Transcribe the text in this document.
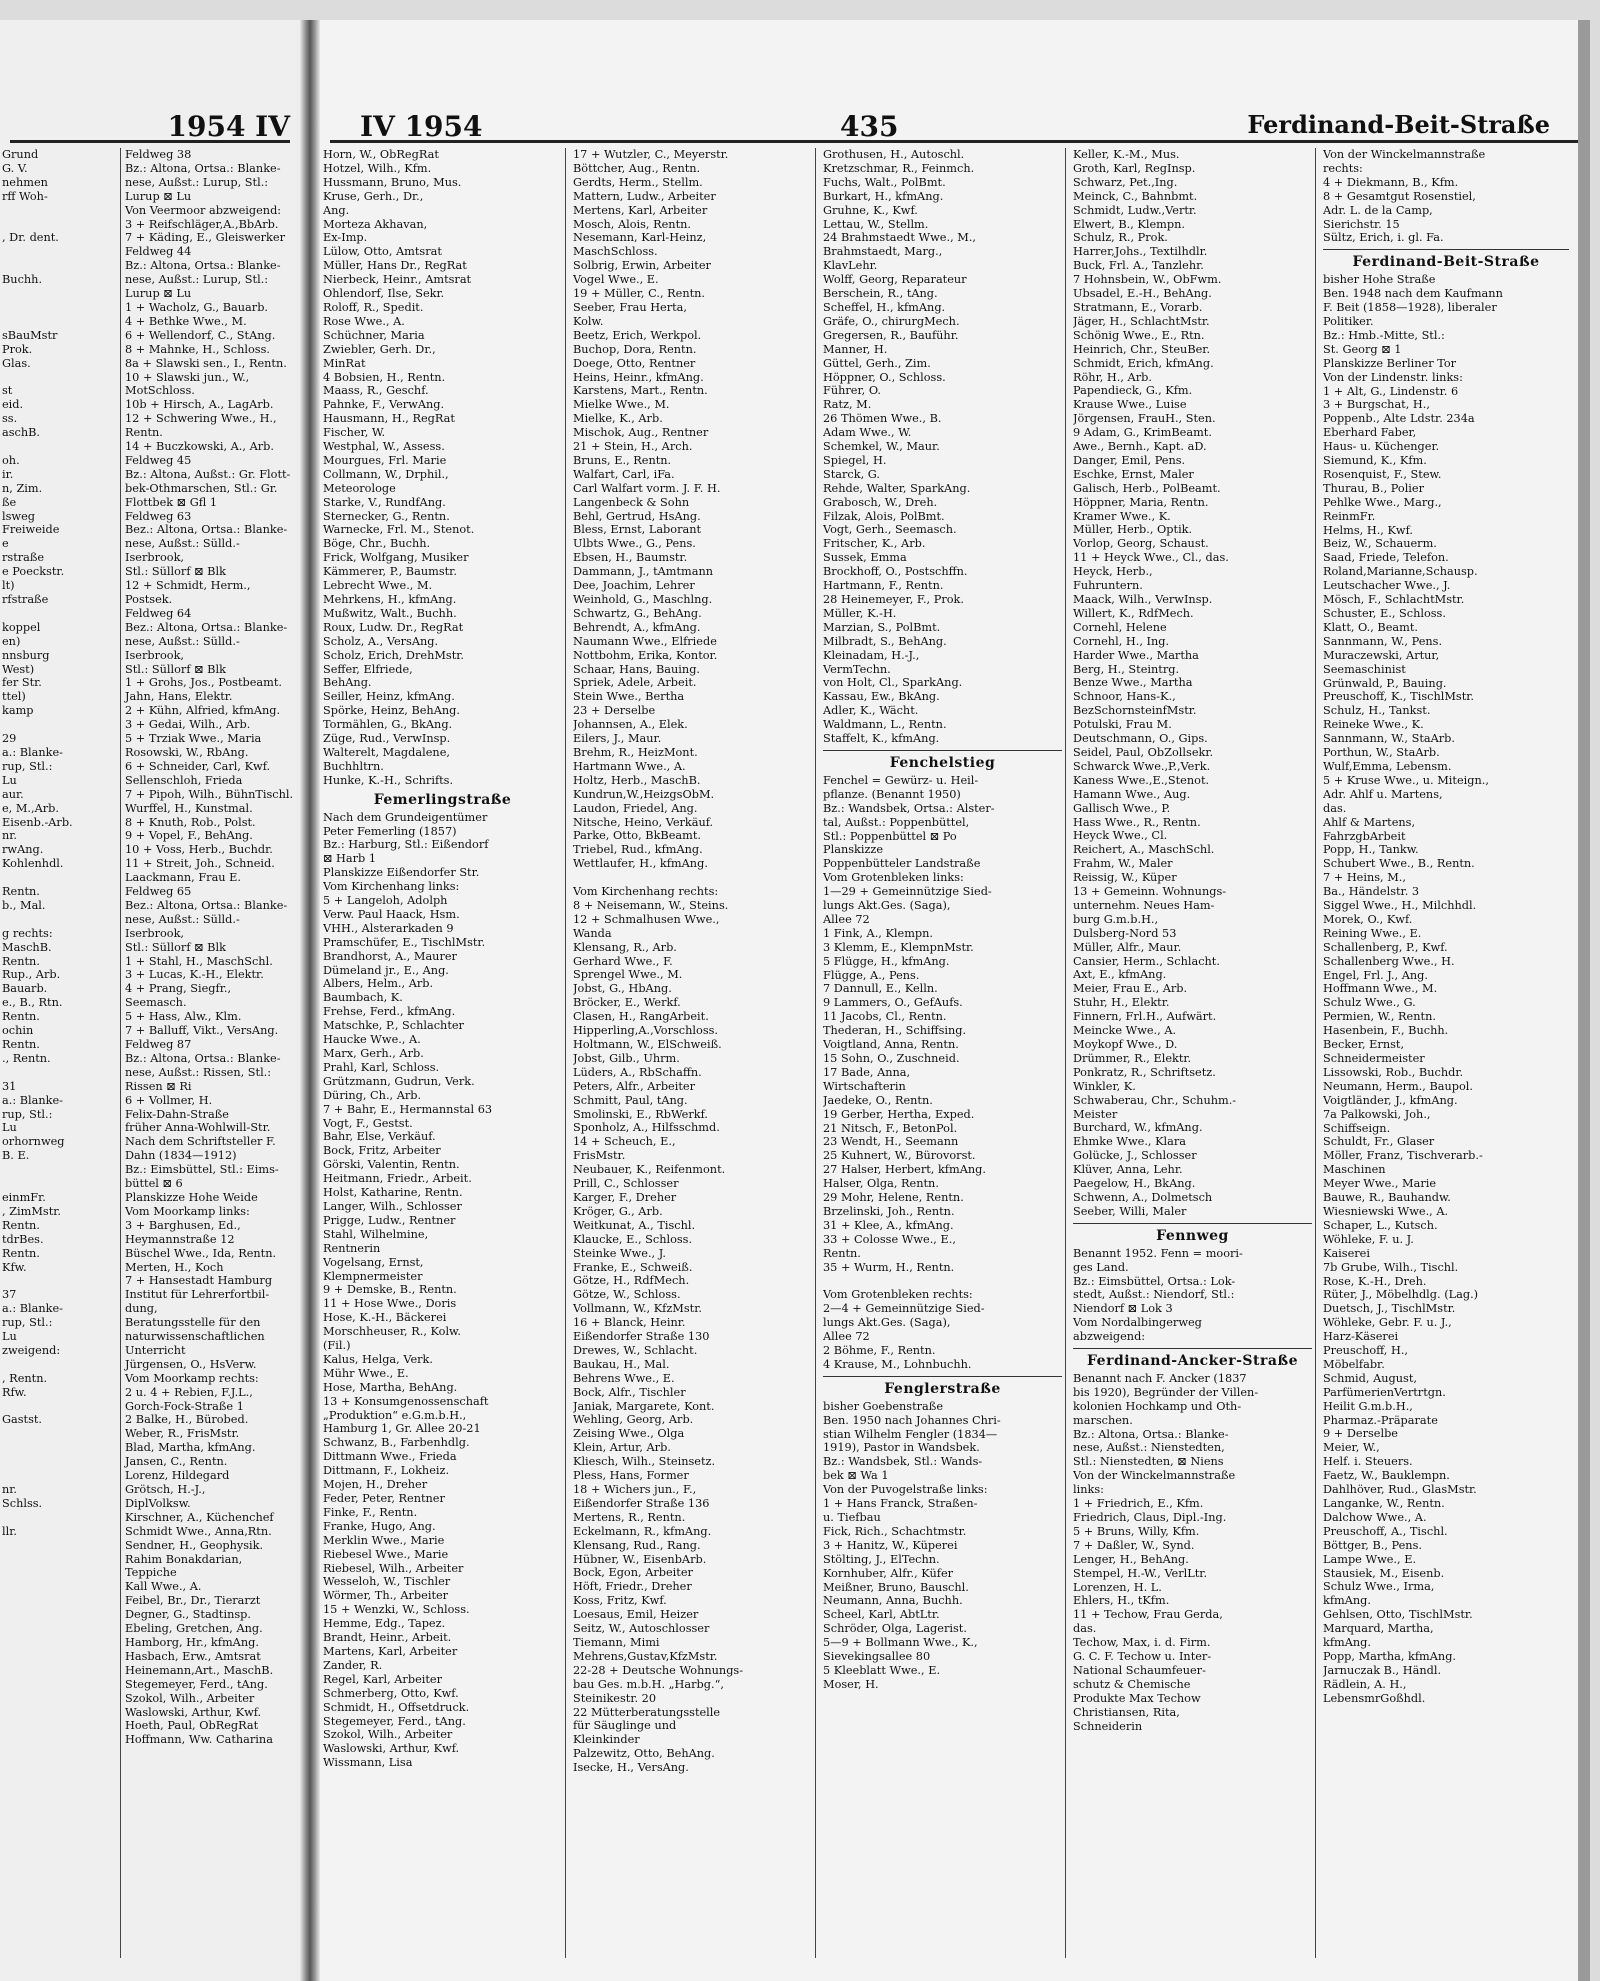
1954 IV
Grund
G. V.
nehmen
rff Woh-

, Dr. dent.

Buchh.

sBauMstr
Prok.
Glas.

st
eid.
ss.
aschB.

oh.
ir.
n, Zim.
ße
lsweg
Freiweide
e
rstraße
e Poeckstr.
lt)
rfstraße

koppel
en)
nnsburg
West)
fer Str.
ttel)
kamp

29
a.: Blanke-
rup, Stl.:
Lu
aur.
e, M.,Arb.
Eisenb.-Arb.
nr.
rwAng.
Kohlenhdl.

Rentn.
b., Mal.

g rechts:
MaschB.
Rentn.
Rup., Arb.
Bauarb.
e., B., Rtn.
Rentn.
ochin
Rentn.
., Rentn.

31
a.: Blanke-
rup, Stl.:
Lu
orhornweg
B. E.

einmFr.
, ZimMstr.
Rentn.
tdrBes.
Rentn.
Kfw.

37
a.: Blanke-
rup, Stl.:
Lu
zweigend:

, Rentn.
Rfw.

Gastst.

nr.
Schlss.

llr.
Feldweg 38
Bz.: Altona, Ortsa.: Blanke-
nese, Außst.: Lurup, Stl.:
Lurup ⊠ Lu
Von Veermoor abzweigend:
3 + Reifschläger,A.,BbArb.
7 + Käding, E., Gleiswerker
Feldweg 44
Bz.: Altona, Ortsa.: Blanke-
nese, Außst.: Lurup, Stl.:
Lurup ⊠ Lu
1 + Wacholz, G., Bauarb.
4 + Bethke Wwe., M.
6 + Wellendorf, C., StAng.
8 + Mahnke, H., Schloss.
8a + Slawski sen., I., Rentn.
10 + Slawski jun., W.,
MotSchloss.
10b + Hirsch, A., LagArb.
12 + Schwering Wwe., H.,
Rentn.
14 + Buczkowski, A., Arb.
Feldweg 45
Bz.: Altona, Außst.: Gr. Flott-
bek-Othmarschen, Stl.: Gr.
Flottbek ⊠ Gfl 1
Feldweg 63
Bez.: Altona, Ortsa.: Blanke-
nese, Außst.: Sülld.-Iserbrook,
Stl.: Süllorf ⊠ Blk
12 + Schmidt, Herm., Postsek.
Feldweg 64
Bez.: Altona, Ortsa.: Blanke-
nese, Außst.: Sülld.-Iserbrook,
Stl.: Süllorf ⊠ Blk
1 + Grohs, Jos., Postbeamt.
Jahn, Hans, Elektr.
2 + Kühn, Alfried, kfmAng.
3 + Gedai, Wilh., Arb.
5 + Trziak Wwe., Maria
Rosowski, W., RbAng.
6 + Schneider, Carl, Kwf.
Sellenschloh, Frieda
7 + Pipoh, Wilh., BühnTischl.
Wurffel, H., Kunstmal.
8 + Knuth, Rob., Polst.
9 + Vopel, F., BehAng.
10 + Voss, Herb., Buchdr.
11 + Streit, Joh., Schneid.
Laackmann, Frau E.
Feldweg 65
Bez.: Altona, Ortsa.: Blanke-
nese, Außst.: Sülld.-Iserbrook,
Stl.: Süllorf ⊠ Blk
1 + Stahl, H., MaschSchl.
3 + Lucas, K.-H., Elektr.
4 + Prang, Siegfr., Seemasch.
5 + Hass, Alw., Klm.
7 + Balluff, Vikt., VersAng.
Feldweg 87
Bz.: Altona, Ortsa.: Blanke-
nese, Außst.: Rissen, Stl.:
Rissen ⊠ Ri
6 + Vollmer, H.
Felix-Dahn-Straße
früher Anna-Wohlwill-Str.
Nach dem Schriftsteller F.
Dahn (1834—1912)
Bz.: Eimsbüttel, Stl.: Eims-
büttel ⊠ 6
Planskizze Hohe Weide
Vom Moorkamp links:
3 + Barghusen, Ed.,
Heymannstraße 12
Büschel Wwe., Ida, Rentn.
Merten, H., Koch
7 + Hansestadt Hamburg
Institut für Lehrerfortbil-
dung,
Beratungsstelle für den
naturwissenschaftlichen
Unterricht
Jürgensen, O., HsVerw.
Vom Moorkamp rechts:
2 u. 4 + Rebien, F.J.L.,
Gorch-Fock-Straße 1
2 Balke, H., Bürobed.
Weber, R., FrisMstr.
Blad, Martha, kfmAng.
Jansen, C., Rentn.
Lorenz, Hildegard
Grötsch, H.-J.,
DiplVolksw.
Kirschner, A., Küchenchef
Schmidt Wwe., Anna,Rtn.
Sendner, H., Geophysik.
Rahim Bonakdarian,
Teppiche
Kall Wwe., A.
Feibel, Br., Dr., Tierarzt
Degner, G., Stadtinsp.
Ebeling, Gretchen, Ang.
Hamborg, Hr., kfmAng.
Hasbach, Erw., Amtsrat
Heinemann,Art., MaschB.
Stegemeyer, Ferd., tAng.
Szokol, Wilh., Arbeiter
Waslowski, Arthur, Kwf.
Hoeth, Paul, ObRegRat
Hoffmann, Ww. Catharina
IV 1954	435	Ferdinand-Beit-Straße
Horn, W., ObRegRat
Hotzel, Wilh., Kfm.
Hussmann, Bruno, Mus.
Kruse, Gerh., Dr.,
Ang.
Morteza Akhavan,
Ex-Imp.
Lülow, Otto, Amtsrat
Müller, Hans Dr., RegRat
Nierbeck, Heinr., Amtsrat
Ohlendorf, Ilse, Sekr.
Roloff, R., Spedit.
Rose Wwe., A.
Schüchner, Maria
Zwiebler, Gerh. Dr.,
MinRat
4 Bobsien, H., Rentn.
Maass, R., Geschf.
Pahnke, F., VerwAng.
Hausmann, H., RegRat
Fischer, W.
Westphal, W., Assess.
Mourgues, Frl. Marie
Collmann, W., Drphil.,
Meteorologe
Starke, V., RundfAng.
Sternecker, G., Rentn.
Warnecke, Frl. M., Stenot.
Böge, Chr., Buchh.
Frick, Wolfgang, Musiker
Kämmerer, P., Baumstr.
Lebrecht Wwe., M.
Mehrkens, H., kfmAng.
Mußwitz, Walt., Buchh.
Roux, Ludw. Dr., RegRat
Scholz, A., VersAng.
Scholz, Erich, DrehMstr.
Seffer, Elfriede,
BehAng.
Seiller, Heinz, kfmAng.
Spörke, Heinz, BehAng.
Tormählen, G., BkAng.
Züge, Rud., VerwInsp.
Walterelt, Magdalene,
Buchhltrn.
Hunke, K.-H., Schrifts.
Femerlingstraße
Nach dem Grundeigentümer
Peter Femerling (1857)
Bz.: Harburg, Stl.: Eißendorf
⊠ Harb 1
Planskizze Eißendorfer Str.
Vom Kirchenhang links:
5 + Langeloh, Adolph
Verw. Paul Haack, Hsm.
VHH., Alsterarkaden 9
Pramschüfer, E., TischlMstr.
Brandhorst, A., Maurer
Dümeland jr., E., Ang.
Albers, Helm., Arb.
Baumbach, K.
Frehse, Ferd., kfmAng.
Matschke, P., Schlachter
Haucke Wwe., A.
Marx, Gerh., Arb.
Prahl, Karl, Schloss.
Grützmann, Gudrun, Verk.
Düring, Ch., Arb.
7 + Bahr, E., Hermannstal 63
Vogt, F., Gestst.
Bahr, Else, Verkäuf.
Bock, Fritz, Arbeiter
Görski, Valentin, Rentn.
Heitmann, Friedr., Arbeit.
Holst, Katharine, Rentn.
Langer, Wilh., Schlosser
Prigge, Ludw., Rentner
Stahl, Wilhelmine,
Rentnerin
Vogelsang, Ernst,
Klempnermeister
9 + Demske, B., Rentn.
11 + Hose Wwe., Doris
Hose, K.-H., Bäckerei
Morschheuser, R., Kolw.
(Fil.)
Kalus, Helga, Verk.
Mühr Wwe., E.
Hose, Martha, BehAng.
13 + Konsumgenossenschaft
„Produktion“ e.G.m.b.H.,
Hamburg 1, Gr. Allee 20-21
Schwanz, B., Farbenhdlg.
Dittmann Wwe., Frieda
Dittmann, F., Lokheiz.
Mojen, H., Dreher
Feder, Peter, Rentner
Finke, F., Rentn.
Franke, Hugo, Ang.
Merklin Wwe., Marie
Riebesel Wwe., Marie
Riebesel, Wilh., Arbeiter
Wesseloh, W., Tischler
Wörmer, Th., Arbeiter
15 + Wenzki, W., Schloss.
Hemme, Edg., Tapez.
Brandt, Heinr., Arbeit.
Martens, Karl, Arbeiter
Zander, R.
Regel, Karl, Arbeiter
Schmerberg, Otto, Kwf.
Schmidt, H., Offsetdruck.
Stegemeyer, Ferd., tAng.
Szokol, Wilh., Arbeiter
Waslowski, Arthur, Kwf.
Wissmann, Lisa
17 + Wutzler, C., Meyerstr.
Böttcher, Aug., Rentn.
Gerdts, Herm., Stellm.
Mattern, Ludw., Arbeiter
Mertens, Karl, Arbeiter
Mosch, Alois, Rentn.
Nesemann, Karl-Heinz,
MaschSchloss.
Solbrig, Erwin, Arbeiter
Vogel Wwe., E.
19 + Müller, C., Rentn.
Seeber, Frau Herta,
Kolw.
Beetz, Erich, Werkpol.
Buchop, Dora, Rentn.
Doege, Otto, Rentner
Heins, Heinr., kfmAng.
Karstens, Mart., Rentn.
Mielke Wwe., M.
Mielke, K., Arb.
Mischok, Aug., Rentner
21 + Stein, H., Arch.
Bruns, E., Rentn.
Walfart, Carl, iFa.
Carl Walfart vorm. J. F. H.
Langenbeck & Sohn
Behl, Gertrud, HsAng.
Bless, Ernst, Laborant
Ulbts Wwe., G., Pens.
Ebsen, H., Baumstr.
Dammann, J., tAmtmann
Dee, Joachim, Lehrer
Weinhold, G., Maschlng.
Schwartz, G., BehAng.
Behrendt, A., kfmAng.
Naumann Wwe., Elfriede
Nottbohm, Erika, Kontor.
Schaar, Hans, Bauing.
Spriek, Adele, Arbeit.
Stein Wwe., Bertha
23 + Derselbe
Johannsen, A., Elek.
Eilers, J., Maur.
Brehm, R., HeizMont.
Hartmann Wwe., A.
Holtz, Herb., MaschB.
Kundrun,W.,HeizgsObM.
Laudon, Friedel, Ang.
Nitsche, Heino, Verkäuf.
Parke, Otto, BkBeamt.
Triebel, Rud., kfmAng.
Wettlaufer, H., kfmAng.

Vom Kirchenhang rechts:
8 + Neisemann, W., Steins.
12 + Schmalhusen Wwe.,
Wanda
Klensang, R., Arb.
Gerhard Wwe., F.
Sprengel Wwe., M.
Jobst, G., HbAng.
Bröcker, E., Werkf.
Clasen, H., RangArbeit.
Hipperling,A.,Vorschloss.
Holtmann, W., ElSchweiß.
Jobst, Gilb., Uhrm.
Lüders, A., RbSchaffn.
Peters, Alfr., Arbeiter
Schmitt, Paul, tAng.
Smolinski, E., RbWerkf.
Sponholz, A., Hilfsschmd.
14 + Scheuch, E.,
FrisMstr.
Neubauer, K., Reifenmont.
Prill, C., Schlosser
Karger, F., Dreher
Kröger, G., Arb.
Weitkunat, A., Tischl.
Klaucke, E., Schloss.
Steinke Wwe., J.
Franke, E., Schweiß.
Götze, H., RdfMech.
Götze, W., Schloss.
Vollmann, W., KfzMstr.
16 + Blanck, Heinr.
Eißendorfer Straße 130
Drewes, W., Schlacht.
Baukau, H., Mal.
Behrens Wwe., E.
Bock, Alfr., Tischler
Janiak, Margarete, Kont.
Wehling, Georg, Arb.
Zeising Wwe., Olga
Klein, Artur, Arb.
Kliesch, Wilh., Steinsetz.
Pless, Hans, Former
18 + Wichers jun., F.,
Eißendorfer Straße 136
Mertens, R., Rentn.
Eckelmann, R., kfmAng.
Klensang, Rud., Rang.
Hübner, W., EisenbArb.
Bock, Egon, Arbeiter
Höft, Friedr., Dreher
Koss, Fritz, Kwf.
Loesaus, Emil, Heizer
Seitz, W., Autoschlosser
Tiemann, Mimi
Mehrens,Gustav,KfzMstr.
22-28 + Deutsche Wohnungs-
bau Ges. m.b.H. „Harbg.“,
Steinikestr. 20
22 Mütterberatungsstelle
für Säuglinge und
Kleinkinder
Palzewitz, Otto, BehAng.
Isecke, H., VersAng.
Grothusen, H., Autoschl.
Kretzschmar, R., Feinmch.
Fuchs, Walt., PolBmt.
Burkart, H., kfmAng.
Gruhne, K., Kwf.
Lettau, W., Stellm.
24 Brahmstaedt Wwe., M.,
Brahmstaedt, Marg.,
KlavLehr.
Wolff, Georg, Reparateur
Berschein, R., tAng.
Scheffel, H., kfmAng.
Gräfe, O., chirurgMech.
Gregersen, R., Bauführ.
Manner, H.
Güttel, Gerh., Zim.
Höppner, O., Schloss.
Führer, O.
Ratz, M.
26 Thömen Wwe., B.
Adam Wwe., W.
Schemkel, W., Maur.
Spiegel, H.
Starck, G.
Rehde, Walter, SparkAng.
Grabosch, W., Dreh.
Filzak, Alois, PolBmt.
Vogt, Gerh., Seemasch.
Fritscher, K., Arb.
Sussek, Emma
Brockhoff, O., Postschffn.
Hartmann, F., Rentn.
28 Heinemeyer, F., Prok.
Müller, K.-H.
Marzian, S., PolBmt.
Milbradt, S., BehAng.
Kleinadam, H.-J.,
VermTechn.
von Holt, Cl., SparkAng.
Kassau, Ew., BkAng.
Adler, K., Wächt.
Waldmann, L., Rentn.
Staffelt, K., kfmAng.
Fenchelstieg
Fenchel = Gewürz- u. Heil-
pflanze. (Benannt 1950)
Bz.: Wandsbek, Ortsa.: Alster-
tal, Außst.: Poppenbüttel,
Stl.: Poppenbüttel ⊠ Po
Planskizze
Poppenbütteler Landstraße
Vom Grotenbleken links:
1—29 + Gemeinnützige Sied-
lungs Akt.Ges. (Saga),
Allee 72
1 Fink, A., Klempn.
3 Klemm, E., KlempnMstr.
5 Flügge, H., kfmAng.
Flügge, A., Pens.
7 Dannull, E., Kelln.
9 Lammers, O., GefAufs.
11 Jacobs, Cl., Rentn.
Thederan, H., Schiffsing.
Voigtland, Anna, Rentn.
15 Sohn, O., Zuschneid.
17 Bade, Anna,
Wirtschafterin
Jaedeke, O., Rentn.
19 Gerber, Hertha, Exped.
21 Nitsch, F., BetonPol.
23 Wendt, H., Seemann
25 Kuhnert, W., Bürovorst.
27 Halser, Herbert, kfmAng.
Halser, Olga, Rentn.
29 Mohr, Helene, Rentn.
Brzelinski, Joh., Rentn.
31 + Klee, A., kfmAng.
33 + Colosse Wwe., E.,
Rentn.
35 + Wurm, H., Rentn.

Vom Grotenbleken rechts:
2—4 + Gemeinnützige Sied-
lungs Akt.Ges. (Saga),
Allee 72
2 Böhme, F., Rentn.
4 Krause, M., Lohnbuchh.
Fenglerstraße
bisher Goebenstraße
Ben. 1950 nach Johannes Chri-
stian Wilhelm Fengler (1834—
1919), Pastor in Wandsbek.
Bz.: Wandsbek, Stl.: Wands-
bek ⊠ Wa 1
Von der Puvogelstraße links:
1 + Hans Franck, Straßen-
u. Tiefbau
Fick, Rich., Schachtmstr.
3 + Hanitz, W., Küperei
Stölting, J., ElTechn.
Kornhuber, Alfr., Küfer
Meißner, Bruno, Bauschl.
Neumann, Anna, Buchh.
Scheel, Karl, AbtLtr.
Schröder, Olga, Lagerist.
5—9 + Bollmann Wwe., K.,
Sievekingsallee 80
5 Kleeblatt Wwe., E.
Moser, H.
Keller, K.-M., Mus.
Groth, Karl, RegInsp.
Schwarz, Pet.,Ing.
Meinck, C., Bahnbmt.
Schmidt, Ludw.,Vertr.
Elwert, B., Klempn.
Schulz, R., Prok.
Harrer,Johs., Textilhdlr.
Buck, Frl. A., Tanzlehr.
7 Hohnsbein, W., ObFwm.
Ubsadel, E.-H., BehAng.
Stratmann, E., Vorarb.
Jäger, H., SchlachtMstr.
Schönig Wwe., E., Rtn.
Heinrich, Chr., SteuBer.
Schmidt, Erich, kfmAng.
Röhr, H., Arb.
Papendieck, G., Kfm.
Krause Wwe., Luise
Jörgensen, FrauH., Sten.
9 Adam, G., KrimBeamt.
Awe., Bernh., Kapt. aD.
Danger, Emil, Pens.
Eschke, Ernst, Maler
Galisch, Herb., PolBeamt.
Höppner, Maria, Rentn.
Kramer Wwe., K.
Müller, Herb., Optik.
Vorlop, Georg, Schaust.
11 + Heyck Wwe., Cl., das.
Heyck, Herb.,
Fuhruntern.
Maack, Wilh., VerwInsp.
Willert, K., RdfMech.
Cornehl, Helene
Cornehl, H., Ing.
Harder Wwe., Martha
Berg, H., Steintrg.
Benze Wwe., Martha
Schnoor, Hans-K.,
BezSchornsteinfMstr.
Potulski, Frau M.
Deutschmann, O., Gips.
Seidel, Paul, ObZollsekr.
Schwarck Wwe.,P.,Verk.
Kaness Wwe.,E.,Stenot.
Hamann Wwe., Aug.
Gallisch Wwe., P.
Hass Wwe., R., Rentn.
Heyck Wwe., Cl.
Reichert, A., MaschSchl.
Frahm, W., Maler
Reissig, W., Küper
13 + Gemeinn. Wohnungs-
unternehm. Neues Ham-
burg G.m.b.H.,
Dulsberg-Nord 53
Müller, Alfr., Maur.
Cansier, Herm., Schlacht.
Axt, E., kfmAng.
Meier, Frau E., Arb.
Stuhr, H., Elektr.
Finnern, Frl.H., Aufwärt.
Meincke Wwe., A.
Moykopf Wwe., D.
Drümmer, R., Elektr.
Ponkratz, R., Schriftsetz.
Winkler, K.
Schwaberau, Chr., Schuhm.-
Meister
Burchard, W., kfmAng.
Ehmke Wwe., Klara
Golücke, J., Schlosser
Klüver, Anna, Lehr.
Paegelow, H., BkAng.
Schwenn, A., Dolmetsch
Seeber, Willi, Maler
Fennweg
Benannt 1952. Fenn = moori-
ges Land.
Bz.: Eimsbüttel, Ortsa.: Lok-
stedt, Außst.: Niendorf, Stl.:
Niendorf ⊠ Lok 3
Vom Nordalbingerweg
abzweigend:
Ferdinand-Ancker-Straße
Benannt nach F. Ancker (1837
bis 1920), Begründer der Villen-
kolonien Hochkamp und Oth-
marschen.
Bz.: Altona, Ortsa.: Blanke-
nese, Außst.: Nienstedten,
Stl.: Nienstedten, ⊠ Niens
Von der Winckelmannstraße
links:
1 + Friedrich, E., Kfm.
Friedrich, Claus, Dipl.-Ing.
5 + Bruns, Willy, Kfm.
7 + Daßler, W., Synd.
Lenger, H., BehAng.
Stempel, H.-W., VerlLtr.
Lorenzen, H. L.
Ehlers, H., tKfm.
11 + Techow, Frau Gerda,
das.
Techow, Max, i. d. Firm.
G. C. F. Techow u. Inter-
National Schaumfeuer-
schutz & Chemische
Produkte Max Techow
Christiansen, Rita,
Schneiderin
Von der Winckelmannstraße
rechts:
4 + Diekmann, B., Kfm.
8 + Gesamtgut Rosenstiel,
Adr. L. de la Camp,
Sierichstr. 15
Sültz, Erich, i. gl. Fa.
Ferdinand-Beit-Straße
bisher Hohe Straße
Ben. 1948 nach dem Kaufmann
F. Beit (1858—1928), liberaler
Politiker.
Bz.: Hmb.-Mitte, Stl.:
St. Georg ⊠ 1
Planskizze Berliner Tor
Von der Lindenstr. links:
1 + Alt, G., Lindenstr. 6
3 + Burgschat, H.,
Poppenb., Alte Ldstr. 234a
Eberhard Faber,
Haus- u. Küchenger.
Siemund, K., Kfm.
Rosenquist, F., Stew.
Thurau, B., Polier
Pehlke Wwe., Marg.,
ReinmFr.
Helms, H., Kwf.
Beiz, W., Schauerm.
Saad, Friede, Telefon.
Roland,Marianne,Schausp.
Leutschacher Wwe., J.
Mösch, F., SchlachtMstr.
Schuster, E., Schloss.
Klatt, O., Beamt.
Sannmann, W., Pens.
Muraczewski, Artur,
Seemaschinist
Grünwald, P., Bauing.
Preuschoff, K., TischlMstr.
Schulz, H., Tankst.
Reineke Wwe., K.
Sannmann, W., StaArb.
Porthun, W., StaArb.
Wulf,Emma, Lebensm.
5 + Kruse Wwe., u. Miteign.,
Adr. Ahlf u. Martens,
das.
Ahlf & Martens,
FahrzgbArbeit
Popp, H., Tankw.
Schubert Wwe., B., Rentn.
7 + Heins, M.,
Ba., Händelstr. 3
Siggel Wwe., H., Milchhdl.
Morek, O., Kwf.
Reining Wwe., E.
Schallenberg, P., Kwf.
Schallenberg Wwe., H.
Engel, Frl. J., Ang.
Hoffmann Wwe., M.
Schulz Wwe., G.
Permien, W., Rentn.
Hasenbein, F., Buchh.
Becker, Ernst,
Schneidermeister
Lissowski, Rob., Buchdr.
Neumann, Herm., Baupol.
Voigtländer, J., kfmAng.
7a Palkowski, Joh.,
Schiffseign.
Schuldt, Fr., Glaser
Möller, Franz, Tischverarb.-
Maschinen
Meyer Wwe., Marie
Bauwe, R., Bauhandw.
Wiesniewski Wwe., A.
Schaper, L., Kutsch.
Wöhleke, F. u. J.
Kaiserei
7b Grube, Wilh., Tischl.
Rose, K.-H., Dreh.
Rüter, J., Möbelhdlg. (Lag.)
Duetsch, J., TischlMstr.
Wöhleke, Gebr. F. u. J.,
Harz-Käserei
Preuschoff, H.,
Möbelfabr.
Schmid, August,
ParfümerienVertrtgn.
Heilit G.m.b.H.,
Pharmaz.-Präparate
9 + Derselbe
Meier, W.,
Helf. i. Steuers.
Faetz, W., Bauklempn.
Dahlhöver, Rud., GlasMstr.
Langanke, W., Rentn.
Dalchow Wwe., A.
Preuschoff, A., Tischl.
Böttger, B., Pens.
Lampe Wwe., E.
Stausiek, M., Eisenb.
Schulz Wwe., Irma,
kfmAng.
Gehlsen, Otto, TischlMstr.
Marquard, Martha,
kfmAng.
Popp, Martha, kfmAng.
Jarnuczak B., Händl.
Rädlein, A. H.,
LebensmrGoßhdl.
